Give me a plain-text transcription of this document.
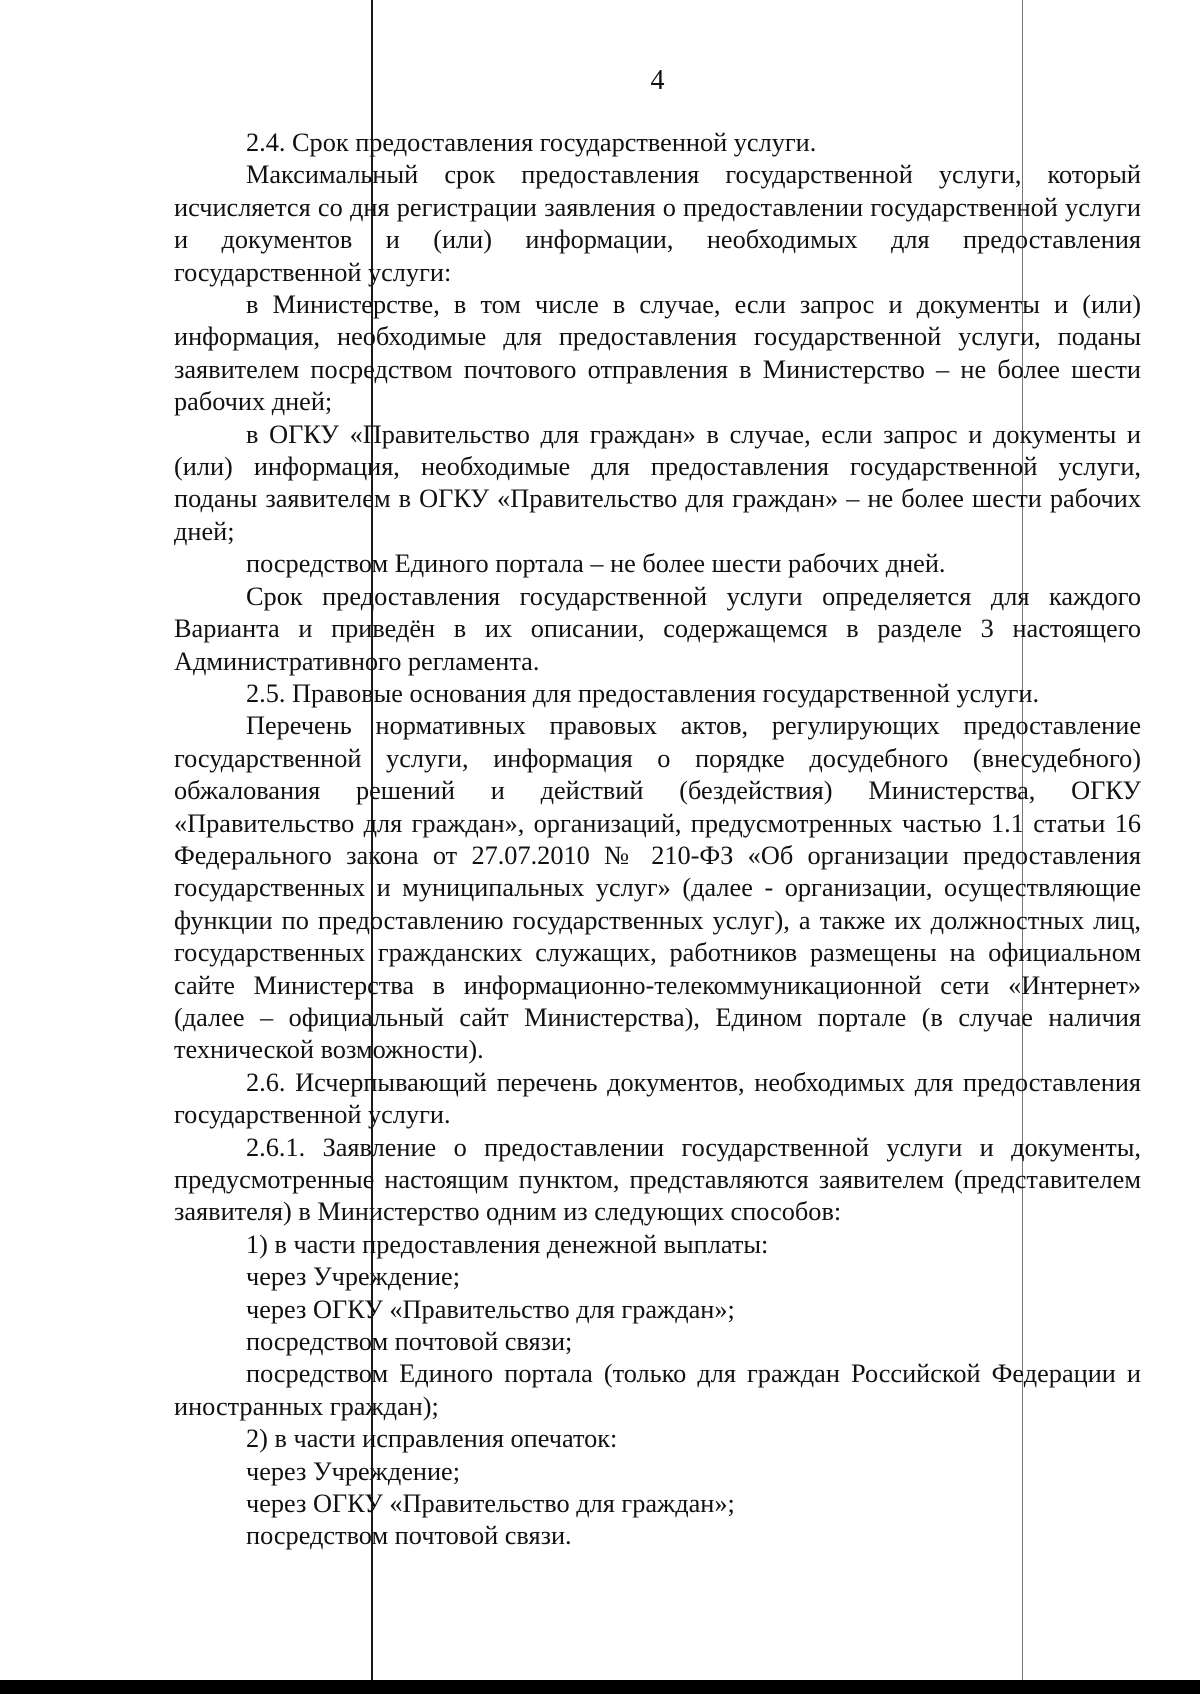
4

2.4. Срок предоставления государственной услуги.

Максимальный срок предоставления государственной услуги, который исчисляется со дня регистрации заявления о предоставлении государственной услуги и документов и (или) информации, необходимых для предоставления государственной услуги:

в Министерстве, в том числе в случае, если запрос и документы и (или) информация, необходимые для предоставления государственной услуги, поданы заявителем посредством почтового отправления в Министерство – не более шести рабочих дней;

в ОГКУ «Правительство для граждан» в случае, если запрос и документы и (или) информация, необходимые для предоставления государственной услуги, поданы заявителем в ОГКУ «Правительство для граждан» – не более шести рабочих дней;

посредством Единого портала – не более шести рабочих дней.

Срок предоставления государственной услуги определяется для каждого Варианта и приведён в их описании, содержащемся в разделе 3 настоящего Административного регламента.

2.5. Правовые основания для предоставления государственной услуги.

Перечень нормативных правовых актов, регулирующих предоставление государственной услуги, информация о порядке досудебного (внесудебного) обжалования решений и действий (бездействия) Министерства, ОГКУ «Правительство для граждан», организаций, предусмотренных частью 1.1 статьи 16 Федерального закона от 27.07.2010 № 210-ФЗ «Об организации предоставления государственных и муниципальных услуг» (далее - организации, осуществляющие функции по предоставлению государственных услуг), а также их должностных лиц, государственных гражданских служащих, работников размещены на официальном сайте Министерства в информационно-телекоммуникационной сети «Интернет» (далее – официальный сайт Министерства), Едином портале (в случае наличия технической возможности).

2.6. Исчерпывающий перечень документов, необходимых для предоставления государственной услуги.

2.6.1. Заявление о предоставлении государственной услуги и документы, предусмотренные настоящим пунктом, представляются заявителем (представителем заявителя) в Министерство одним из следующих способов:

1) в части предоставления денежной выплаты:

через Учреждение;

через ОГКУ «Правительство для граждан»;

посредством почтовой связи;

посредством Единого портала (только для граждан Российской Федерации и иностранных граждан);

2) в части исправления опечаток:

через Учреждение;

через ОГКУ «Правительство для граждан»;

посредством почтовой связи.
